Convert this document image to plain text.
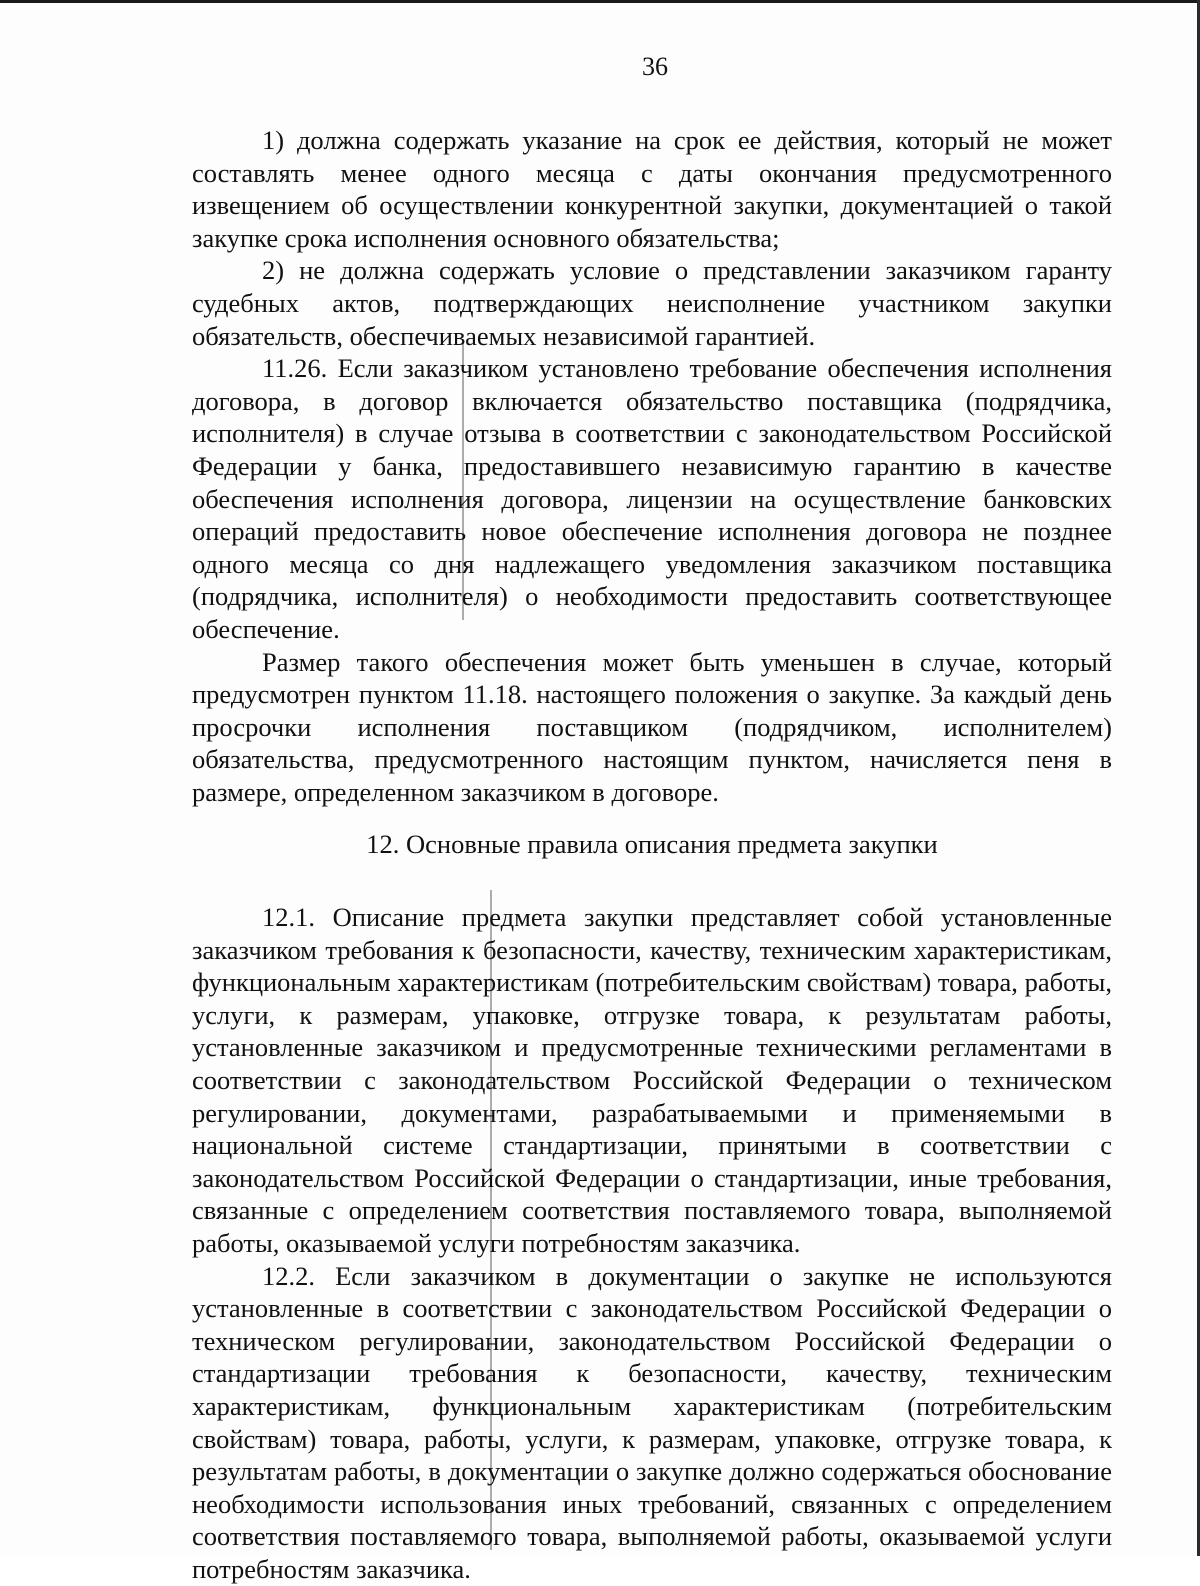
36

1) должна содержать указание на срок ее действия, который не может составлять менее одного месяца с даты окончания предусмотренного извещением об осуществлении конкурентной закупки, документацией о такой закупке срока исполнения основного обязательства;

2) не должна содержать условие о представлении заказчиком гаранту судебных актов, подтверждающих неисполнение участником закупки обязательств, обеспечиваемых независимой гарантией.

11.26. Если заказчиком установлено требование обеспечения исполнения договора, в договор включается обязательство поставщика (подрядчика, исполнителя) в случае отзыва в соответствии с законодательством Российской Федерации у банка, предоставившего независимую гарантию в качестве обеспечения исполнения договора, лицензии на осуществление банковских операций предоставить новое обеспечение исполнения договора не позднее одного месяца со дня надлежащего уведомления заказчиком поставщика (подрядчика, исполнителя) о необходимости предоставить соответствующее обеспечение.

Размер такого обеспечения может быть уменьшен в случае, который предусмотрен пунктом 11.18. настоящего положения о закупке. За каждый день просрочки исполнения поставщиком (подрядчиком, исполнителем) обязательства, предусмотренного настоящим пунктом, начисляется пеня в размере, определенном заказчиком в договоре.

12. Основные правила описания предмета закупки

12.1. Описание предмета закупки представляет собой установленные заказчиком требования к безопасности, качеству, техническим характеристикам, функциональным характеристикам (потребительским свойствам) товара, работы, услуги, к размерам, упаковке, отгрузке товара, к результатам работы, установленные заказчиком и предусмотренные техническими регламентами в соответствии с законодательством Российской Федерации о техническом регулировании, документами, разрабатываемыми и применяемыми в национальной системе стандартизации, принятыми в соответствии с законодательством Российской Федерации о стандартизации, иные требования, связанные с определением соответствия поставляемого товара, выполняемой работы, оказываемой услуги потребностям заказчика.

12.2. Если заказчиком в документации о закупке не используются установленные в соответствии с законодательством Российской Федерации о техническом регулировании, законодательством Российской Федерации о стандартизации требования к безопасности, качеству, техническим характеристикам, функциональным характеристикам (потребительским свойствам) товара, работы, услуги, к размерам, упаковке, отгрузке товара, к результатам работы, в документации о закупке должно содержаться обоснование необходимости использования иных требований, связанных с определением соответствия поставляемого товара, выполняемой работы, оказываемой услуги потребностям заказчика.
